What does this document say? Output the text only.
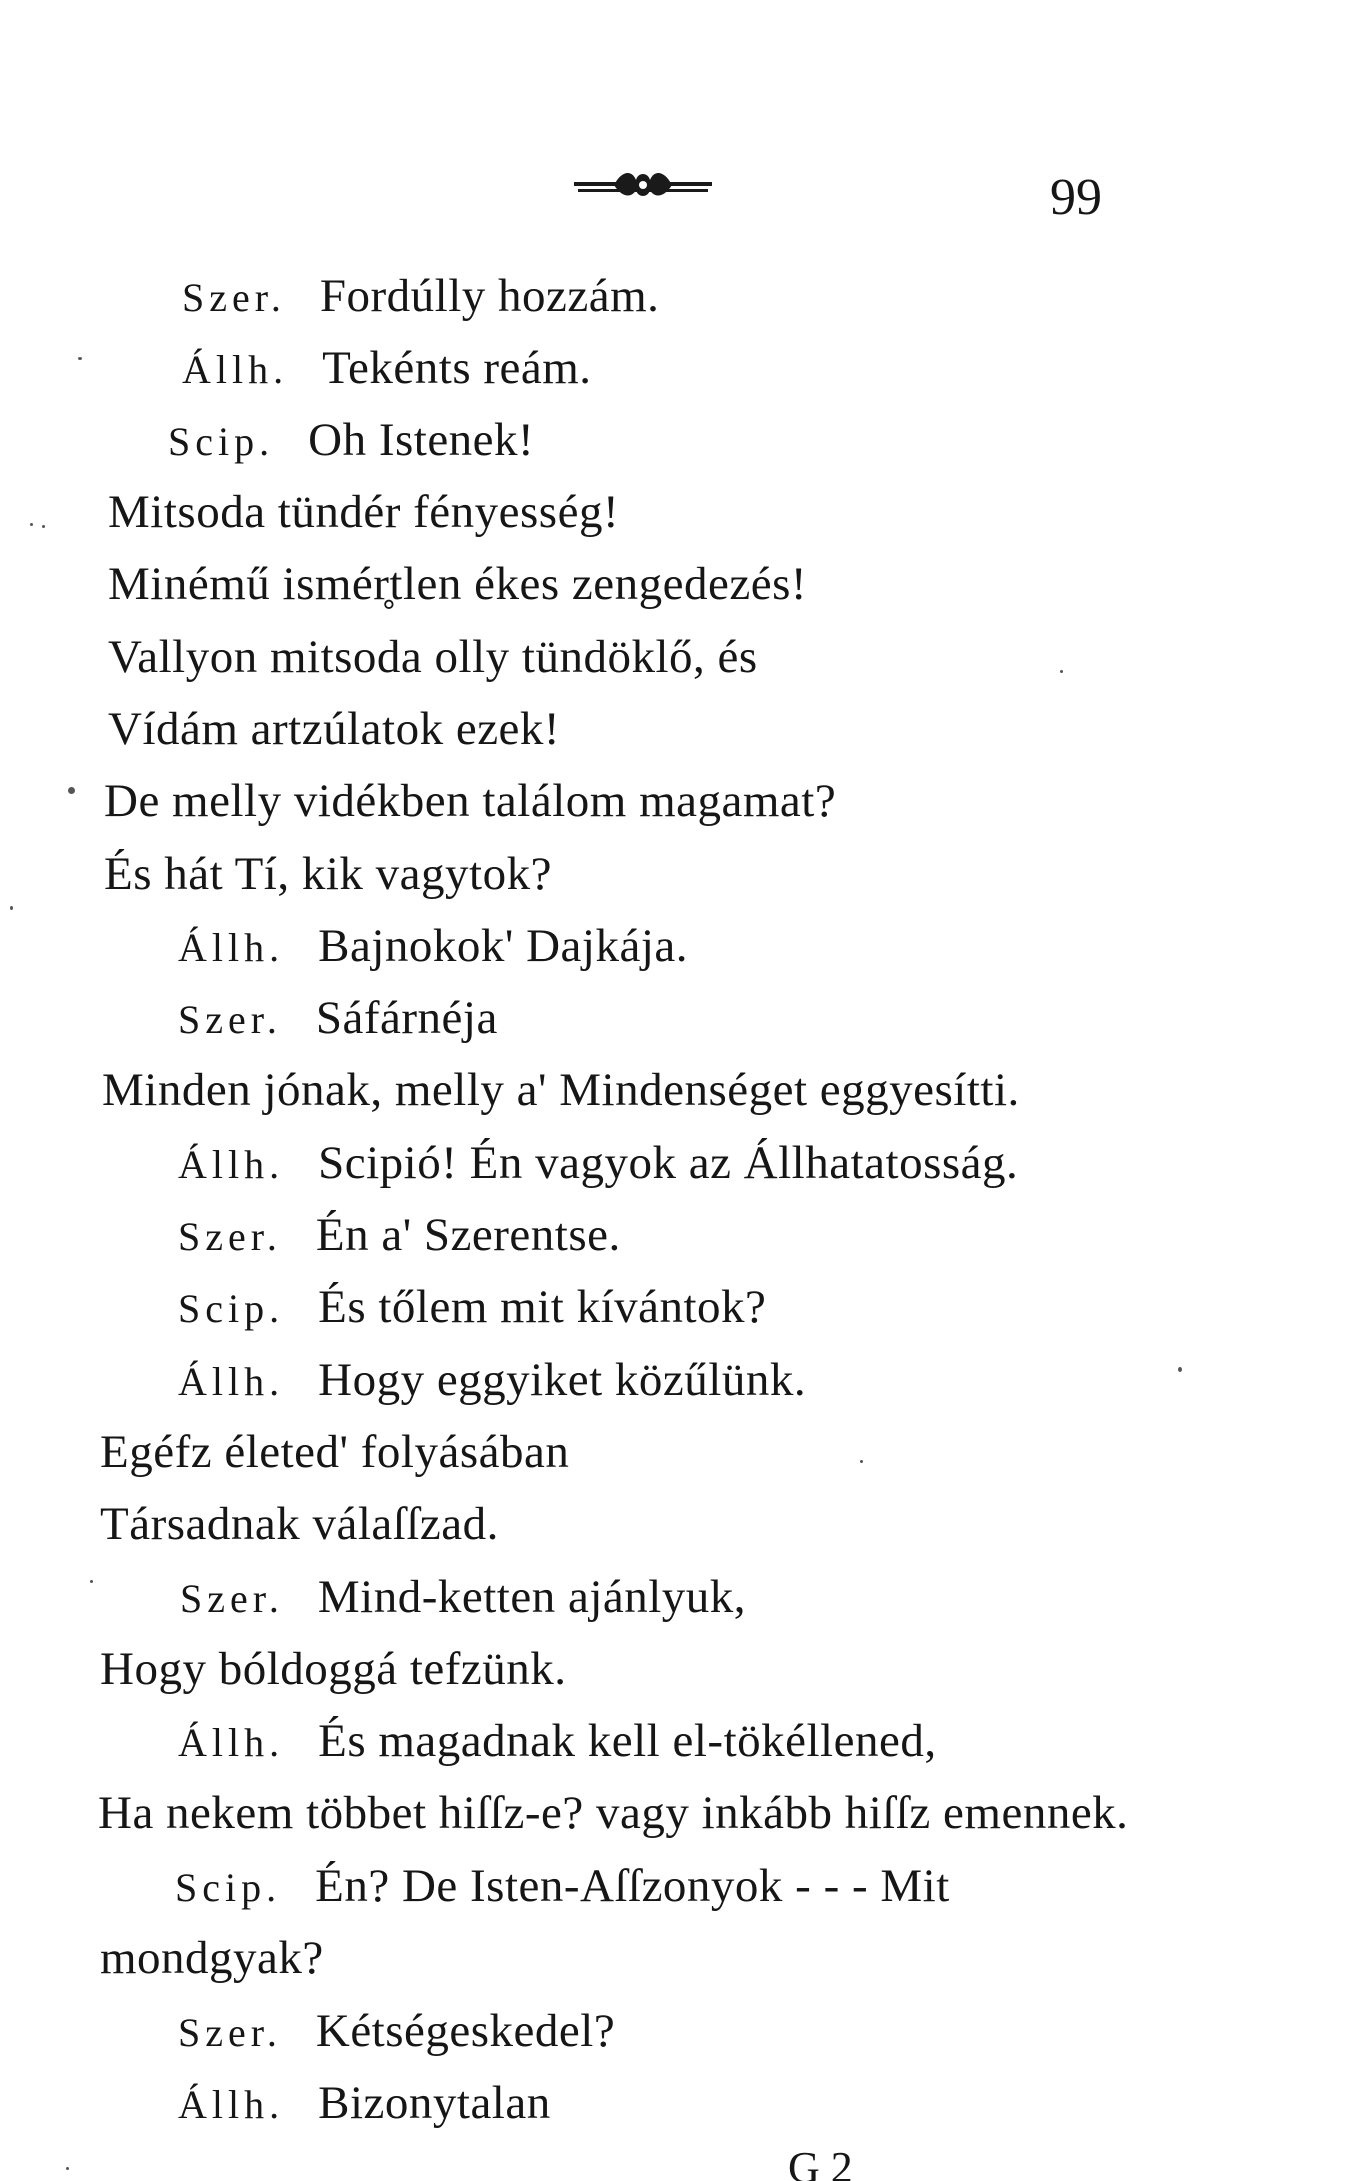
99
Szer. Fordúlly hozzám.
Állh. Tekénts reám.
Scip. Oh Istenek!
Mitsoda tündér fényesség!
Minémű ismér̥tlen ékes zengedezés!
Vallyon mitsoda olly tündöklő, és
Vídám artzúlatok ezek!
De melly vidékben találom magamat?
És hát Tí, kik vagytok?
Állh. Bajnokok' Dajkája.
Szer. Sáfárnéja
Minden jónak, melly a' Mindenséget eggyesítti.
Állh. Scipió! Én vagyok az Állhatatosság.
Szer. Én a' Szerentse.
Scip. És tőlem mit kívántok?
Állh. Hogy eggyiket közűlünk.
Egéfz életed' folyásában
Társadnak válaſſzad.
Szer. Mind-ketten ajánlyuk,
Hogy bóldoggá tefzünk.
Állh. És magadnak kell el-tökéllened,
Ha nekem többet hiſſz-e? vagy inkább hiſſz emennek.
Scip. Én? De Isten-Aſſzonyok - - - Mit
mondgyak?
Szer. Kétségeskedel?
Állh. Bizonytalan
G 2
